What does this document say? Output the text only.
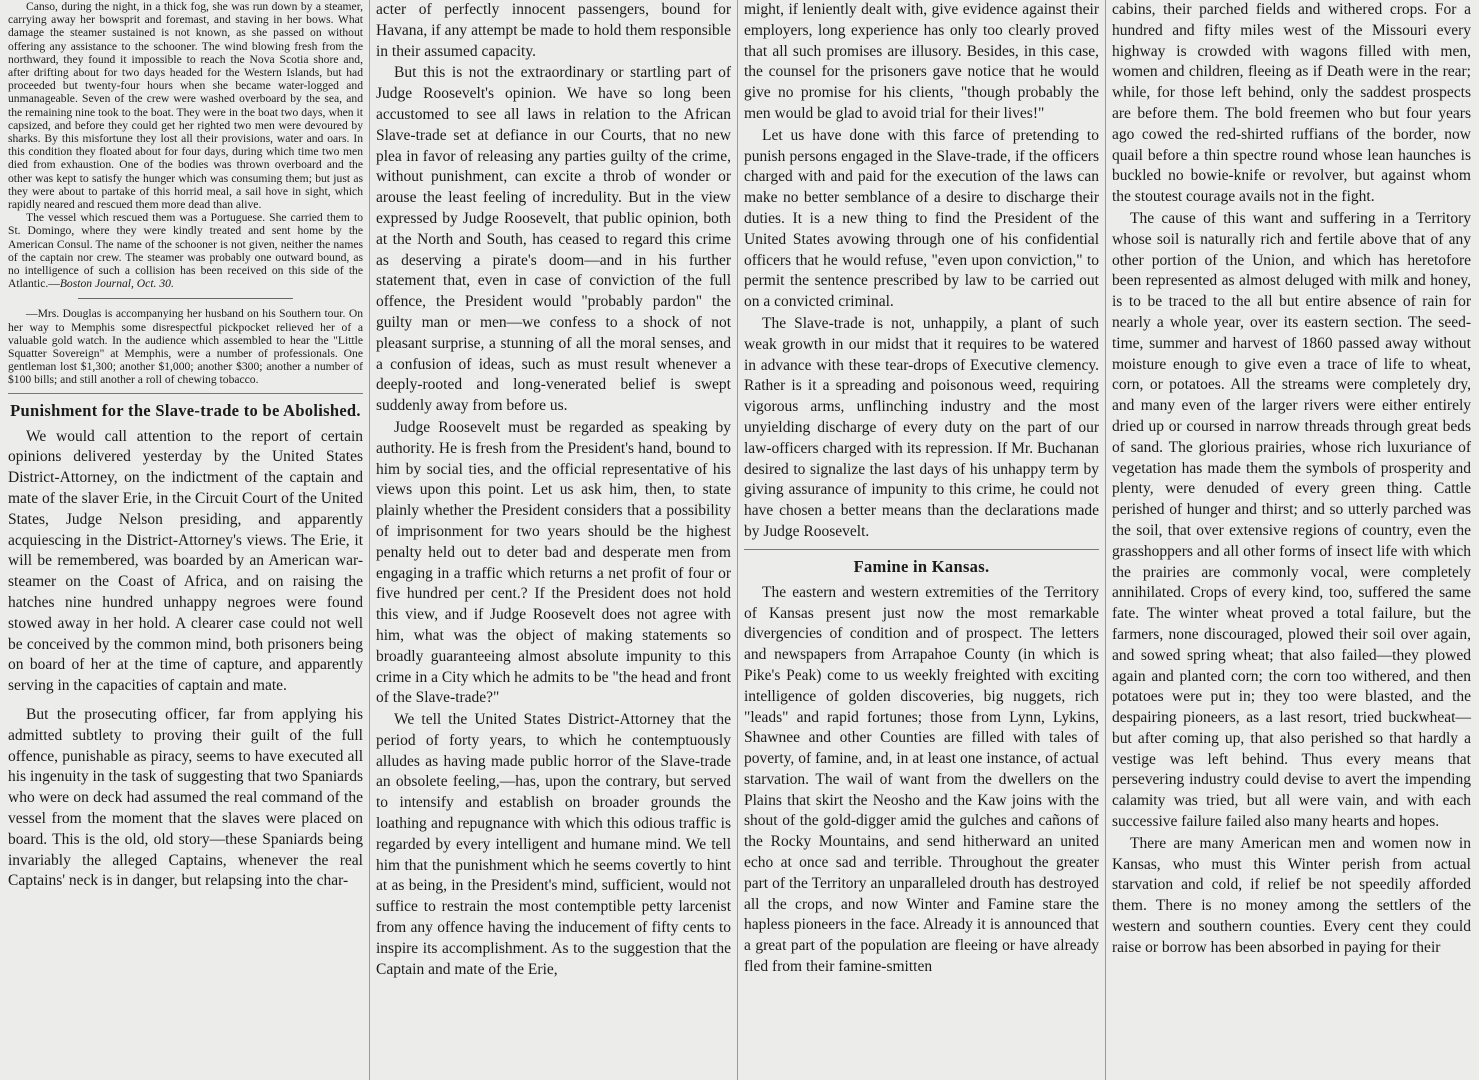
Canso, during the night, in a thick fog, she was run down by a steamer, carrying away her bowsprit and foremast, and staving in her bows. What damage the steamer sustained is not known, as she passed on without offering any assistance to the schooner. The wind blowing fresh from the northward, they found it impossible to reach the Nova Scotia shore and, after drifting about for two days headed for the Western Islands, but had proceeded but twenty-four hours when she became water-logged and unmanageable. Seven of the crew were washed overboard by the sea, and the remaining nine took to the boat. They were in the boat two days, when it capsized, and before they could get her righted two men were devoured by sharks. By this misfortune they lost all their provisions, water and oars. In this condition they floated about for four days, during which time two men died from exhaustion. One of the bodies was thrown overboard and the other was kept to satisfy the hunger which was consuming them; but just as they were about to partake of this horrid meal, a sail hove in sight, which rapidly neared and rescued them more dead than alive.

The vessel which rescued them was a Portuguese. She carried them to St. Domingo, where they were kindly treated and sent home by the American Consul. The name of the schooner is not given, neither the names of the captain nor crew. The steamer was probably one outward bound, as no intelligence of such a collision has been received on this side of the Atlantic.—Boston Journal, Oct. 30.

—Mrs. Douglas is accompanying her husband on his Southern tour. On her way to Memphis some disrespectful pickpocket relieved her of a valuable gold watch. In the audience which assembled to hear the "Little Squatter Sovereign" at Memphis, were a number of professionals. One gentleman lost $1,300; another $1,000; another $300; another a number of $100 bills; and still another a roll of chewing tobacco.

Punishment for the Slave-trade to be Abolished.

We would call attention to the report of certain opinions delivered yesterday by the United States District-Attorney, on the indictment of the captain and mate of the slaver Erie, in the Circuit Court of the United States, Judge Nelson presiding, and apparently acquiescing in the District-Attorney's views. The Erie, it will be remembered, was boarded by an American war-steamer on the Coast of Africa, and on raising the hatches nine hundred unhappy negroes were found stowed away in her hold. A clearer case could not well be conceived by the common mind, both prisoners being on board of her at the time of capture, and apparently serving in the capacities of captain and mate.

But the prosecuting officer, far from applying his admitted subtlety to proving their guilt of the full offence, punishable as piracy, seems to have executed all his ingenuity in the task of suggesting that two Spaniards who were on deck had assumed the real command of the vessel from the moment that the slaves were placed on board. This is the old, old story—these Spaniards being invariably the alleged Captains, whenever the real Captains' neck is in danger, but relapsing into the char-

acter of perfectly innocent passengers, bound for Havana, if any attempt be made to hold them responsible in their assumed capacity.

But this is not the extraordinary or startling part of Judge Roosevelt's opinion. We have so long been accustomed to see all laws in relation to the African Slave-trade set at defiance in our Courts, that no new plea in favor of releasing any parties guilty of the crime, without punishment, can excite a throb of wonder or arouse the least feeling of incredulity. But in the view expressed by Judge Roosevelt, that public opinion, both at the North and South, has ceased to regard this crime as deserving a pirate's doom—and in his further statement that, even in case of conviction of the full offence, the President would "probably pardon" the guilty man or men—we confess to a shock of not pleasant surprise, a stunning of all the moral senses, and a confusion of ideas, such as must result whenever a deeply-rooted and long-venerated belief is swept suddenly away from before us.

Judge Roosevelt must be regarded as speaking by authority. He is fresh from the President's hand, bound to him by social ties, and the official representative of his views upon this point. Let us ask him, then, to state plainly whether the President considers that a possibility of imprisonment for two years should be the highest penalty held out to deter bad and desperate men from engaging in a traffic which returns a net profit of four or five hundred per cent.? If the President does not hold this view, and if Judge Roosevelt does not agree with him, what was the object of making statements so broadly guaranteeing almost absolute impunity to this crime in a City which he admits to be "the head and front of the Slave-trade?"

We tell the United States District-Attorney that the period of forty years, to which he contemptuously alludes as having made public horror of the Slave-trade an obsolete feeling,—has, upon the contrary, but served to intensify and establish on broader grounds the loathing and repugnance with which this odious traffic is regarded by every intelligent and humane mind. We tell him that the punishment which he seems covertly to hint at as being, in the President's mind, sufficient, would not suffice to restrain the most contemptible petty larcenist from any offence having the inducement of fifty cents to inspire its accomplishment. As to the suggestion that the Captain and mate of the Erie,

might, if leniently dealt with, give evidence against their employers, long experience has only too clearly proved that all such promises are illusory. Besides, in this case, the counsel for the prisoners gave notice that he would give no promise for his clients, "though probably the men would be glad to avoid trial for their lives!"

Let us have done with this farce of pretending to punish persons engaged in the Slave-trade, if the officers charged with and paid for the execution of the laws can make no better semblance of a desire to discharge their duties. It is a new thing to find the President of the United States avowing through one of his confidential officers that he would refuse, "even upon conviction," to permit the sentence prescribed by law to be carried out on a convicted criminal.

The Slave-trade is not, unhappily, a plant of such weak growth in our midst that it requires to be watered in advance with these tear-drops of Executive clemency. Rather is it a spreading and poisonous weed, requiring vigorous arms, unflinching industry and the most unyielding discharge of every duty on the part of our law-officers charged with its repression. If Mr. Buchanan desired to signalize the last days of his unhappy term by giving assurance of impunity to this crime, he could not have chosen a better means than the declarations made by Judge Roosevelt.

Famine in Kansas.

The eastern and western extremities of the Territory of Kansas present just now the most remarkable divergencies of condition and of prospect. The letters and newspapers from Arrapahoe County (in which is Pike's Peak) come to us weekly freighted with exciting intelligence of golden discoveries, big nuggets, rich "leads" and rapid fortunes; those from Lynn, Lykins, Shawnee and other Counties are filled with tales of poverty, of famine, and, in at least one instance, of actual starvation. The wail of want from the dwellers on the Plains that skirt the Neosho and the Kaw joins with the shout of the gold-digger amid the gulches and cañons of the Rocky Mountains, and send hitherward an united echo at once sad and terrible. Throughout the greater part of the Territory an unparalleled drouth has destroyed all the crops, and now Winter and Famine stare the hapless pioneers in the face. Already it is announced that a great part of the population are fleeing or have already fled from their famine-smitten

cabins, their parched fields and withered crops. For a hundred and fifty miles west of the Missouri every highway is crowded with wagons filled with men, women and children, fleeing as if Death were in the rear; while, for those left behind, only the saddest prospects are before them. The bold freemen who but four years ago cowed the red-shirted ruffians of the border, now quail before a thin spectre round whose lean haunches is buckled no bowie-knife or revolver, but against whom the stoutest courage avails not in the fight.

The cause of this want and suffering in a Territory whose soil is naturally rich and fertile above that of any other portion of the Union, and which has heretofore been represented as almost deluged with milk and honey, is to be traced to the all but entire absence of rain for nearly a whole year, over its eastern section. The seed-time, summer and harvest of 1860 passed away without moisture enough to give even a trace of life to wheat, corn, or potatoes. All the streams were completely dry, and many even of the larger rivers were either entirely dried up or coursed in narrow threads through great beds of sand. The glorious prairies, whose rich luxuriance of vegetation has made them the symbols of prosperity and plenty, were denuded of every green thing. Cattle perished of hunger and thirst; and so utterly parched was the soil, that over extensive regions of country, even the grasshoppers and all other forms of insect life with which the prairies are commonly vocal, were completely annihilated. Crops of every kind, too, suffered the same fate. The winter wheat proved a total failure, but the farmers, none discouraged, plowed their soil over again, and sowed spring wheat; that also failed—they plowed again and planted corn; the corn too withered, and then potatoes were put in; they too were blasted, and the despairing pioneers, as a last resort, tried buckwheat—but after coming up, that also perished so that hardly a vestige was left behind. Thus every means that persevering industry could devise to avert the impending calamity was tried, but all were vain, and with each successive failure failed also many hearts and hopes.

There are many American men and women now in Kansas, who must this Winter perish from actual starvation and cold, if relief be not speedily afforded them. There is no money among the settlers of the western and southern counties. Every cent they could raise or borrow has been absorbed in paying for their
